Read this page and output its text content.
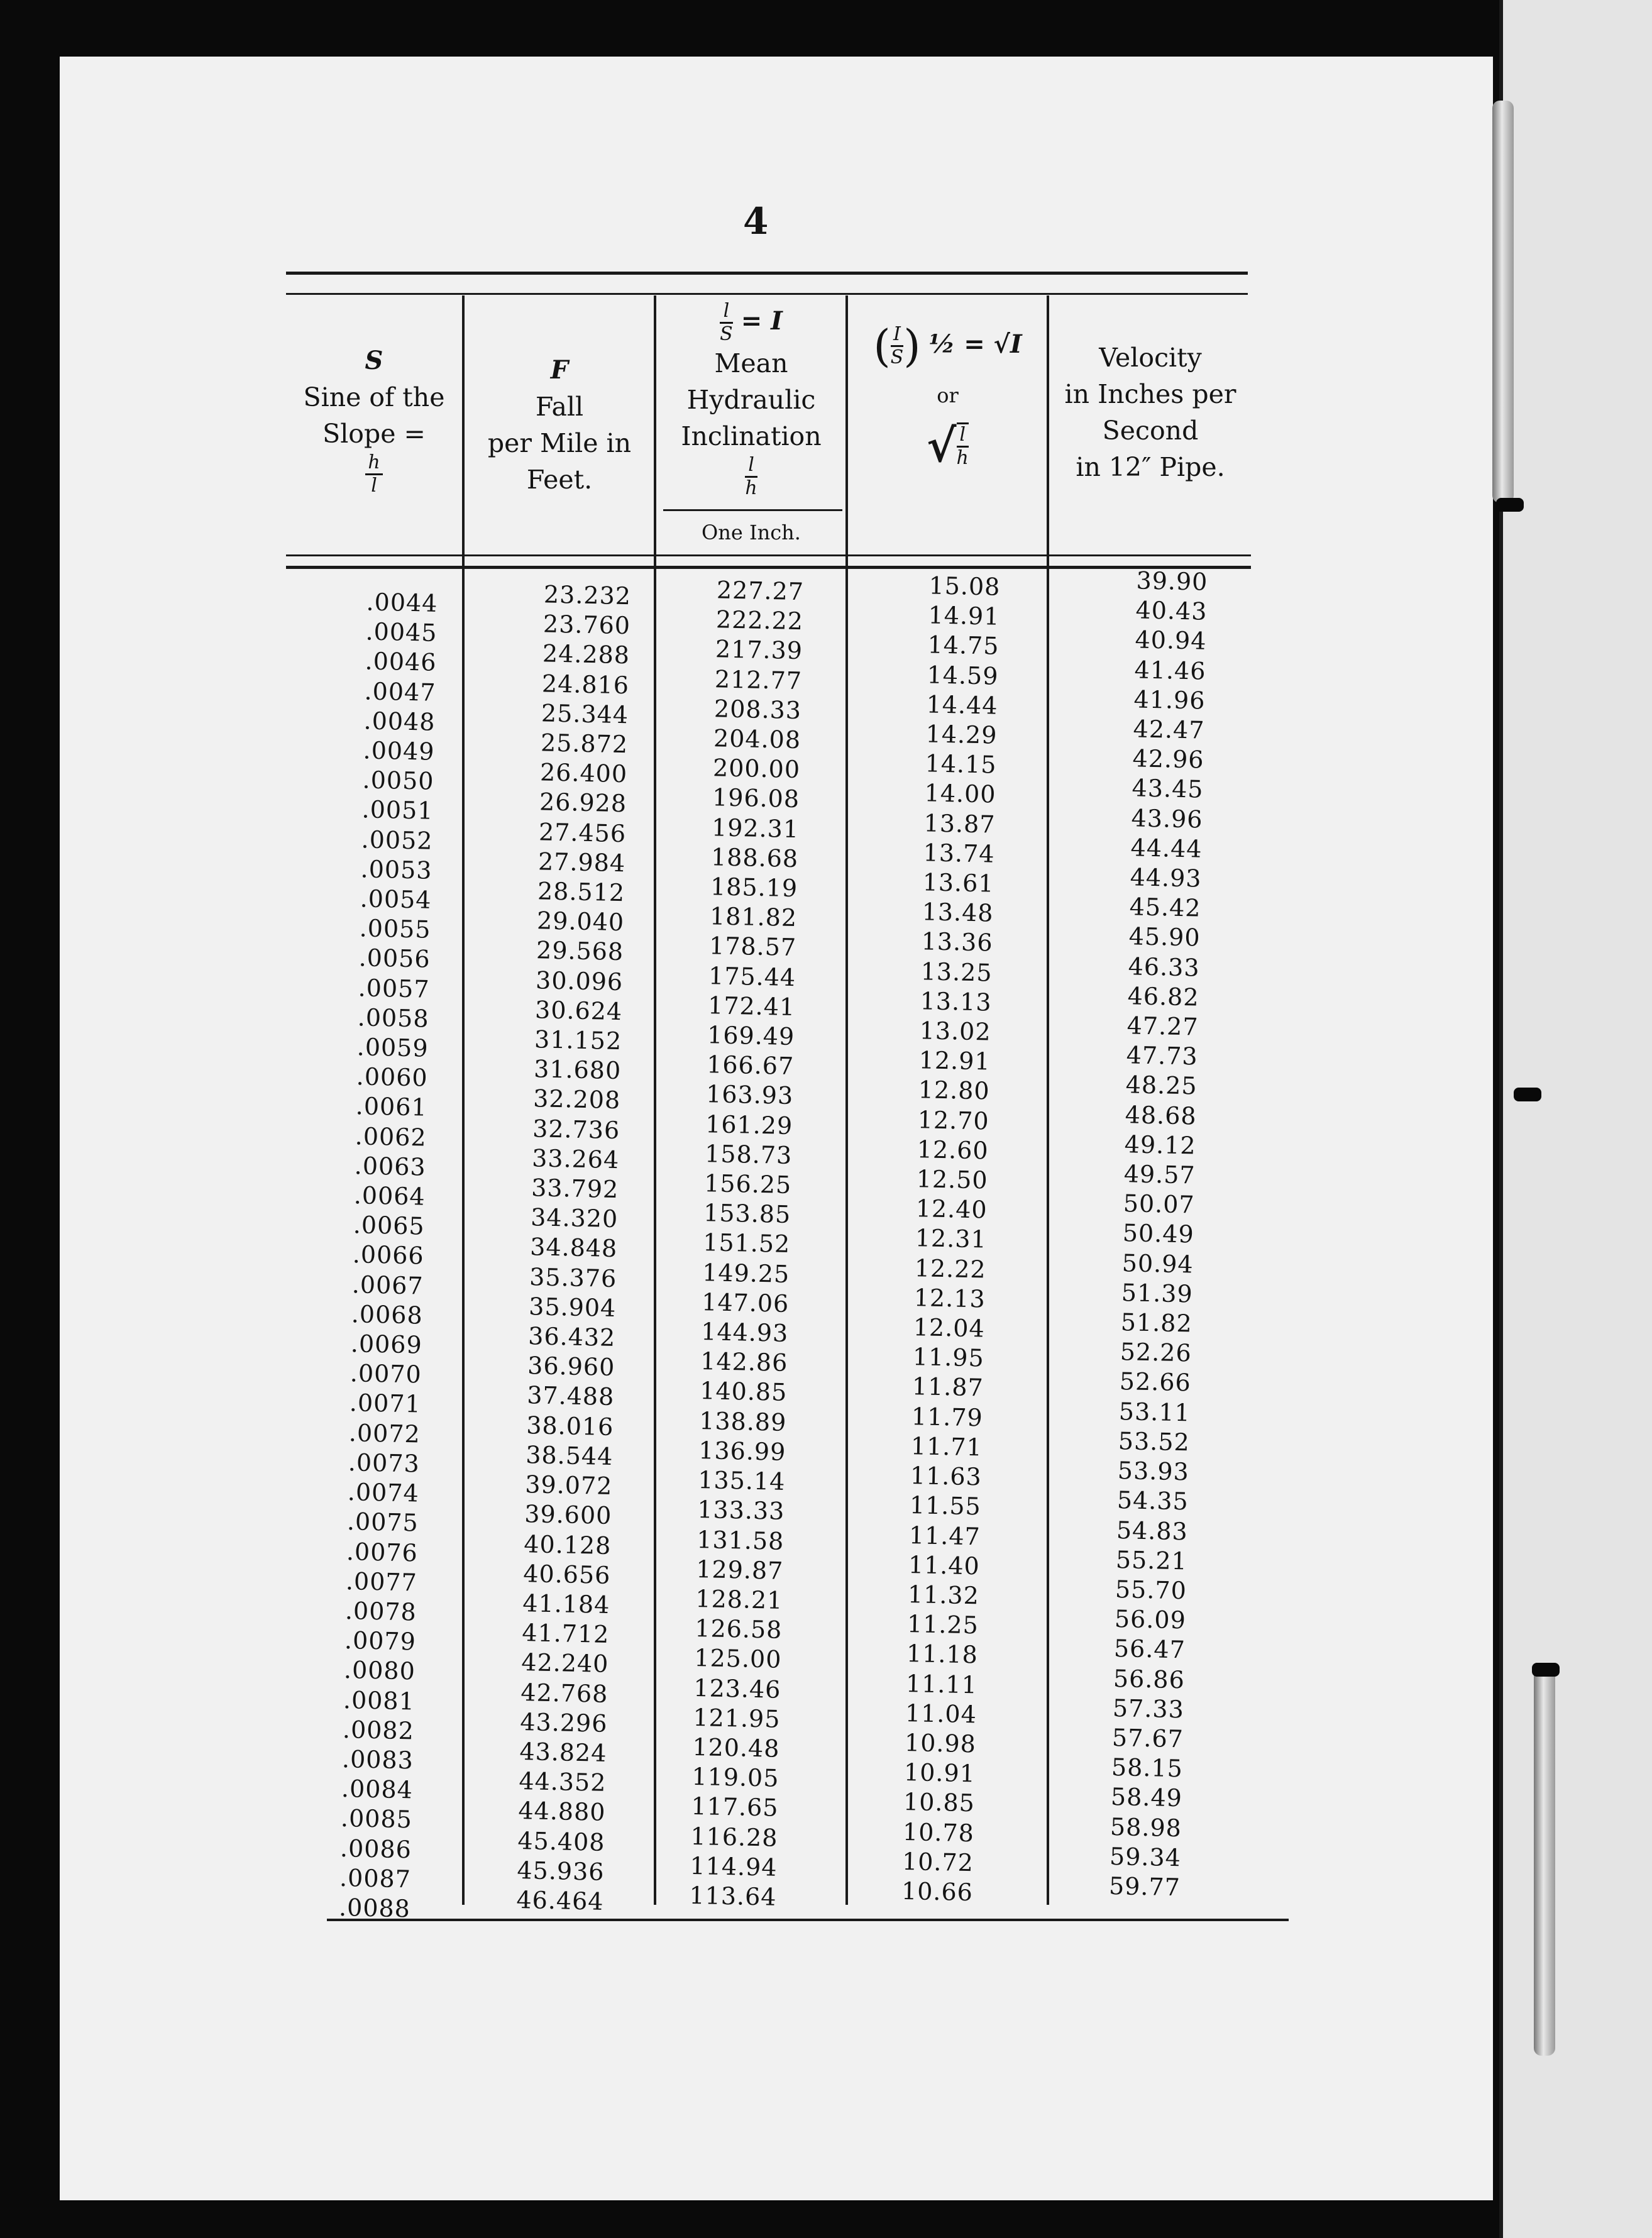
4
S
Sine of the
Slope =
$\frac{h}{l}$
F
Fall
per Mile in
Feet.
$\frac{l}{S} = I$
Mean
Hydraulic
Inclination
$\frac{l}{h}$
One Inch.
( $\frac{I}{S}$ ) ½ = √I
or
√ $\frac{l}{h}$
Velocity
in Inches per
Second
in 12″ Pipe.
.0044
.0045
.0046
.0047
.0048
.0049
.0050
.0051
.0052
.0053
.0054
.0055
.0056
.0057
.0058
.0059
.0060
.0061
.0062
.0063
.0064
.0065
.0066
.0067
.0068
.0069
.0070
.0071
.0072
.0073
.0074
.0075
.0076
.0077
.0078
.0079
.0080
.0081
.0082
.0083
.0084
.0085
.0086
.0087
.0088
23.232
23.760
24.288
24.816
25.344
25.872
26.400
26.928
27.456
27.984
28.512
29.040
29.568
30.096
30.624
31.152
31.680
32.208
32.736
33.264
33.792
34.320
34.848
35.376
35.904
36.432
36.960
37.488
38.016
38.544
39.072
39.600
40.128
40.656
41.184
41.712
42.240
42.768
43.296
43.824
44.352
44.880
45.408
45.936
46.464
227.27
222.22
217.39
212.77
208.33
204.08
200.00
196.08
192.31
188.68
185.19
181.82
178.57
175.44
172.41
169.49
166.67
163.93
161.29
158.73
156.25
153.85
151.52
149.25
147.06
144.93
142.86
140.85
138.89
136.99
135.14
133.33
131.58
129.87
128.21
126.58
125.00
123.46
121.95
120.48
119.05
117.65
116.28
114.94
113.64
15.08
14.91
14.75
14.59
14.44
14.29
14.15
14.00
13.87
13.74
13.61
13.48
13.36
13.25
13.13
13.02
12.91
12.80
12.70
12.60
12.50
12.40
12.31
12.22
12.13
12.04
11.95
11.87
11.79
11.71
11.63
11.55
11.47
11.40
11.32
11.25
11.18
11.11
11.04
10.98
10.91
10.85
10.78
10.72
10.66
39.90
40.43
40.94
41.46
41.96
42.47
42.96
43.45
43.96
44.44
44.93
45.42
45.90
46.33
46.82
47.27
47.73
48.25
48.68
49.12
49.57
50.07
50.49
50.94
51.39
51.82
52.26
52.66
53.11
53.52
53.93
54.35
54.83
55.21
55.70
56.09
56.47
56.86
57.33
57.67
58.15
58.49
58.98
59.34
59.77
